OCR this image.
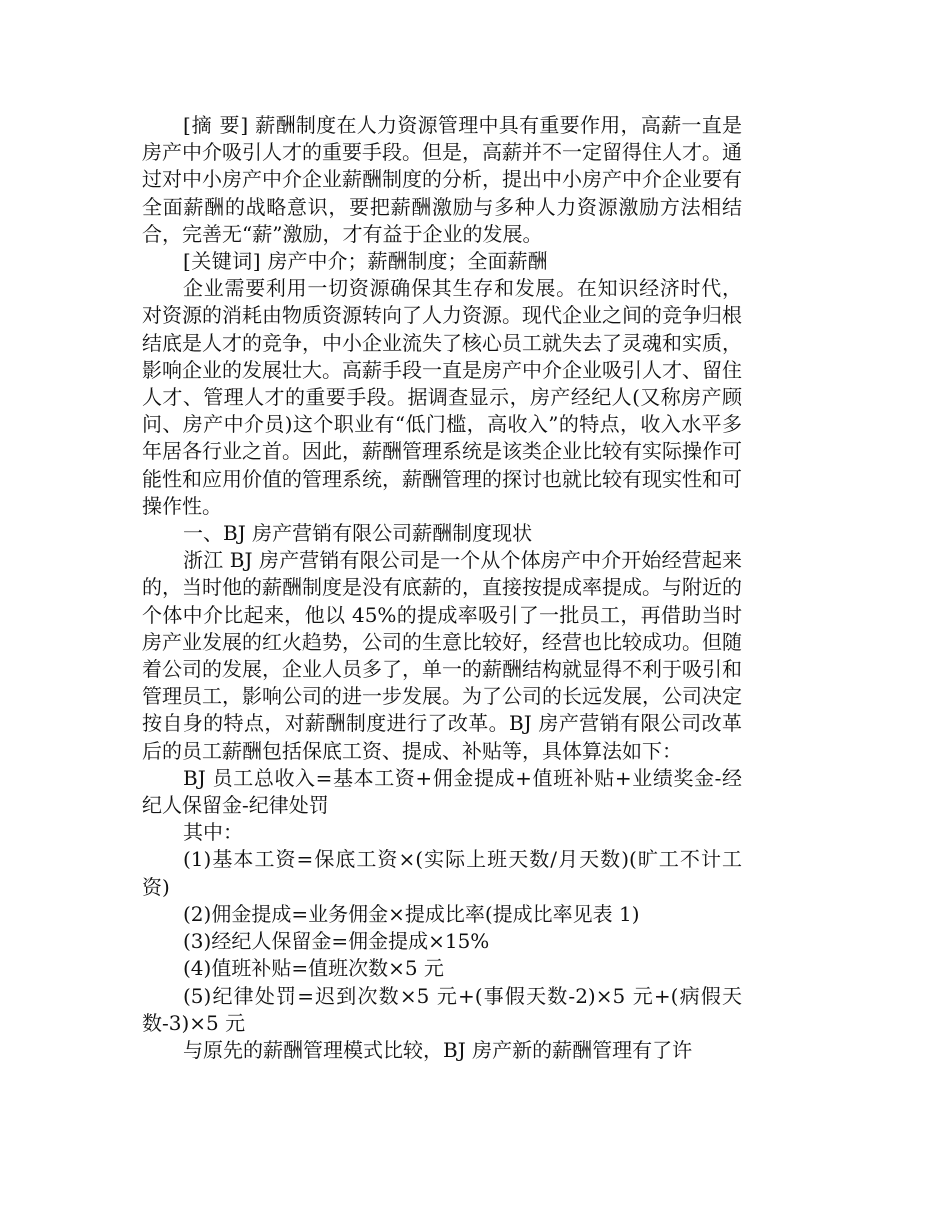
[摘 要] 薪酬制度在人力资源管理中具有重要作用，高薪一直是房产中介吸引人才的重要手段。但是，高薪并不一定留得住人才。通过对中小房产中介企业薪酬制度的分析，提出中小房产中介企业要有全面薪酬的战略意识，要把薪酬激励与多种人力资源激励方法相结合，完善无“薪”激励，才有益于企业的发展。

[关键词] 房产中介；薪酬制度；全面薪酬

企业需要利用一切资源确保其生存和发展。在知识经济时代，对资源的消耗由物质资源转向了人力资源。现代企业之间的竞争归根结底是人才的竞争，中小企业流失了核心员工就失去了灵魂和实质，影响企业的发展壮大。高薪手段一直是房产中介企业吸引人才、留住人才、管理人才的重要手段。据调查显示，房产经纪人(又称房产顾问、房产中介员)这个职业有“低门槛，高收入”的特点，收入水平多年居各行业之首。因此，薪酬管理系统是该类企业比较有实际操作可能性和应用价值的管理系统，薪酬管理的探讨也就比较有现实性和可操作性。

一、BJ 房产营销有限公司薪酬制度现状

浙江 BJ 房产营销有限公司是一个从个体房产中介开始经营起来的，当时他的薪酬制度是没有底薪的，直接按提成率提成。与附近的个体中介比起来，他以 45%的提成率吸引了一批员工，再借助当时房产业发展的红火趋势，公司的生意比较好，经营也比较成功。但随着公司的发展，企业人员多了，单一的薪酬结构就显得不利于吸引和管理员工，影响公司的进一步发展。为了公司的长远发展，公司决定按自身的特点，对薪酬制度进行了改革。BJ 房产营销有限公司改革后的员工薪酬包括保底工资、提成、补贴等，具体算法如下：

BJ 员工总收入=基本工资+佣金提成+值班补贴+业绩奖金-经纪人保留金-纪律处罚

其中：

(1)基本工资=保底工资×(实际上班天数/月天数)(旷工不计工资)

(2)佣金提成=业务佣金×提成比率(提成比率见表 1)

(3)经纪人保留金=佣金提成×15%

(4)值班补贴=值班次数×5 元

(5)纪律处罚=迟到次数×5 元+(事假天数-2)×5 元+(病假天数-3)×5 元

与原先的薪酬管理模式比较，BJ 房产新的薪酬管理有了许
